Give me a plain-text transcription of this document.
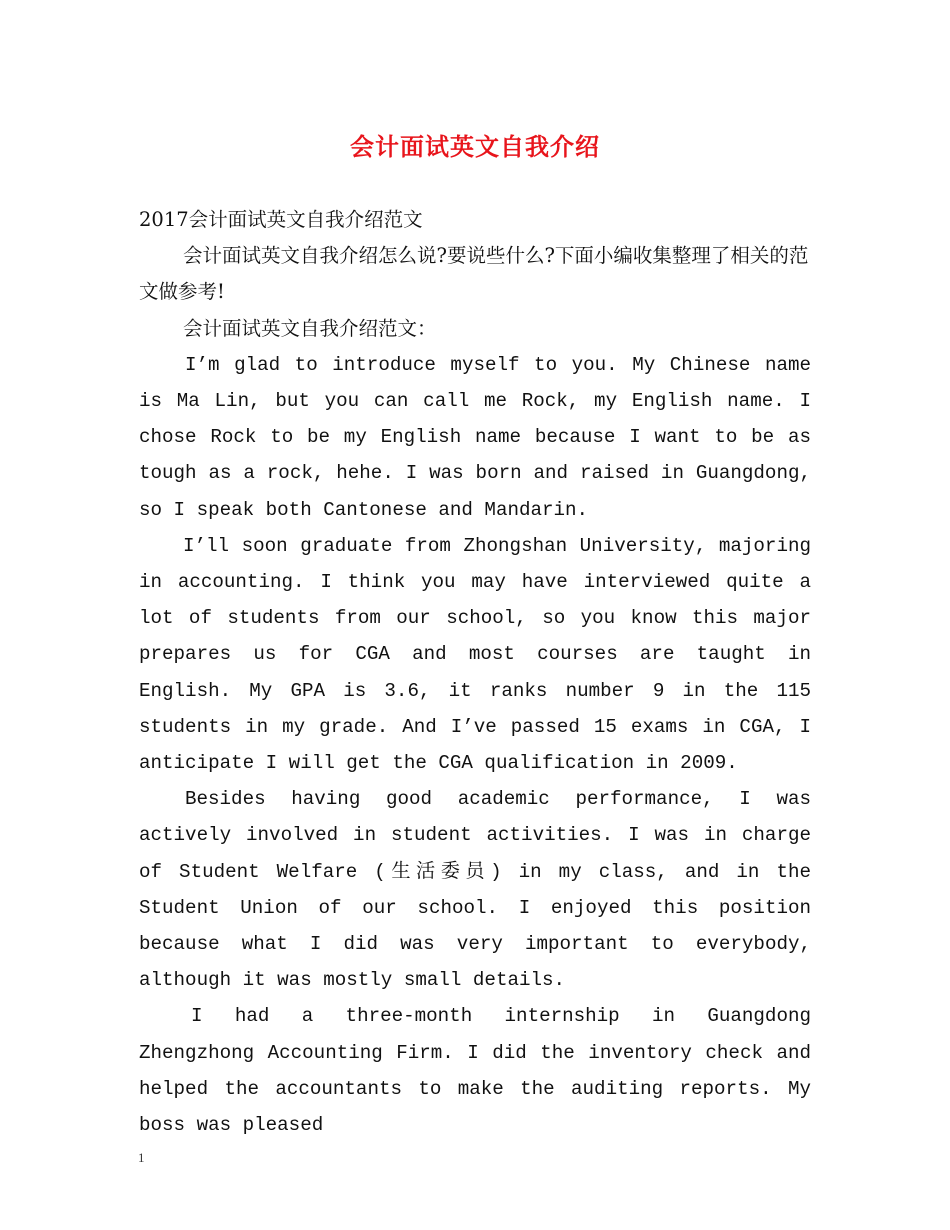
会计面试英文自我介绍

2017会计面试英文自我介绍范文

会计面试英文自我介绍怎么说?要说些什么?下面小编收集整理了相关的范文做参考!

会计面试英文自我介绍范文：

I’m glad to introduce myself to you. My Chinese name is Ma Lin, but you can call me Rock, my English name. I chose Rock to be my English name because I want to be as tough as a rock, hehe. I was born and raised in Guangdong, so I speak both Cantonese and Mandarin.

I’ll soon graduate from Zhongshan University, majoring in accounting. I think you may have interviewed quite a lot of students from our school, so you know this major prepares us for CGA and most courses are taught in English. My GPA is 3.6, it ranks number 9 in the 115 students in my grade. And I’ve passed 15 exams in CGA, I anticipate I will get the CGA qualification in 2009.

Besides having good academic performance, I was actively involved in student activities. I was in charge of Student Welfare (生活委员) in my class, and in the Student Union of our school. I enjoyed this position because what I did was very important to everybody, although it was mostly small details.

I had a three-month internship in Guangdong Zhengzhong Accounting Firm. I did the inventory check and helped the accountants to make the auditing reports. My boss was pleased

1
